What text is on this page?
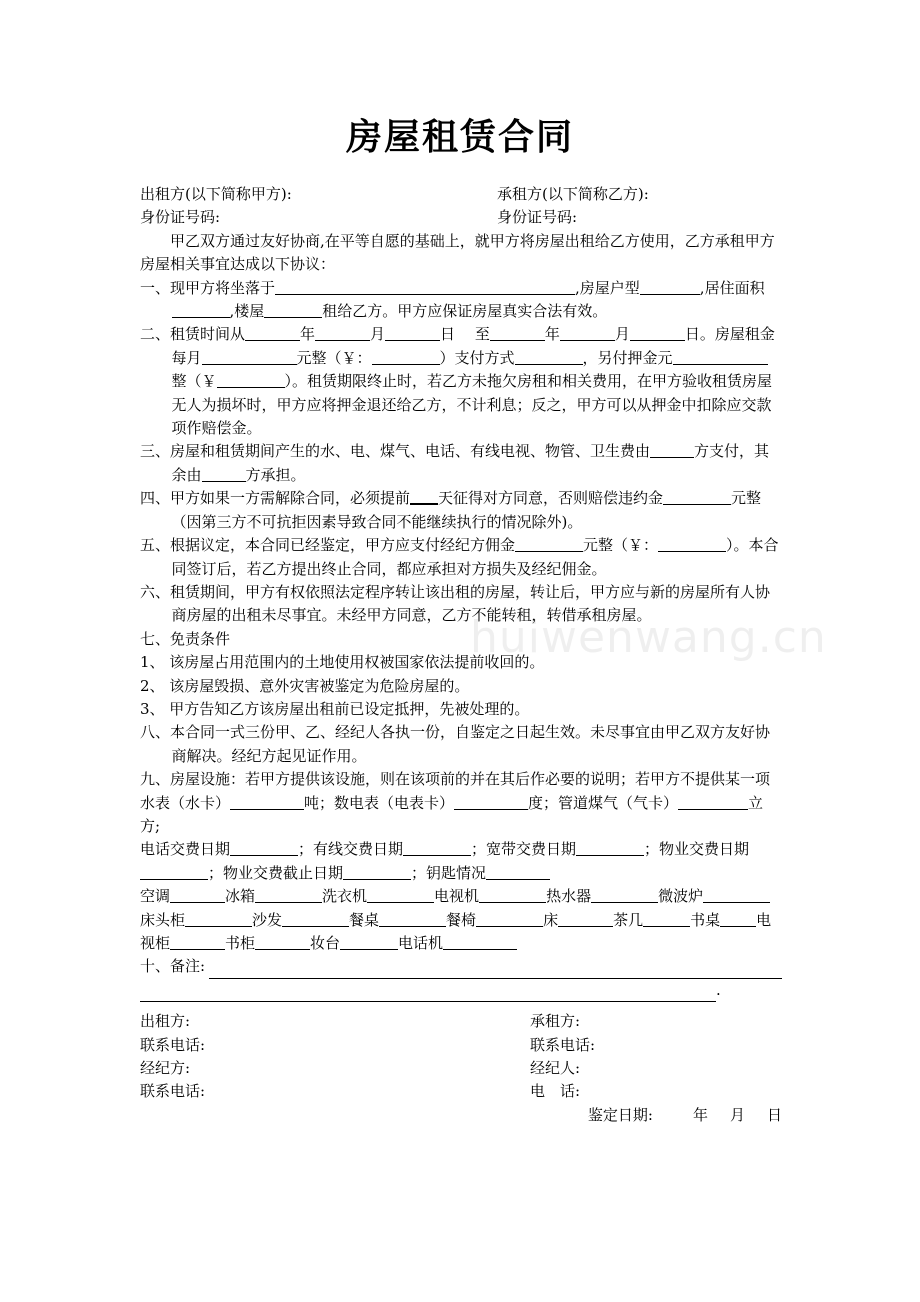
房屋租赁合同
huiwenwang.cn
出租方(以下简称甲方):	承租方(以下简称乙方):
身份证号码:	身份证号码:

甲乙双方通过友好协商,在平等自愿的基础上，就甲方将房屋出租给乙方使用，乙方承租甲方房屋相关事宜达成以下协议：

一、现甲方将坐落于	,房屋户型	,居住面积,楼屋	租给乙方。甲方应保证房屋真实合法有效。

二、租赁时间从	年	月	日　 至	年	月	日。房屋租金每月	元整（￥：	）支付方式	，另付押金元整（￥	）。租赁期限终止时，若乙方未拖欠房租和相关费用，在甲方验收租赁房屋无人为损坏时，甲方应将押金退还给乙方，不计利息；反之，甲方可以从押金中扣除应交款项作赔偿金。

三、房屋和租赁期间产生的水、电、煤气、电话、有线电视、物管、卫生费由	方支付，其余由	方承担。

四、甲方如果一方需解除合同，必须提前 天征得对方同意，否则赔偿违约金	元整（因第三方不可抗拒因素导致合同不能继续执行的情况除外)。

五、根据议定，本合同已经鉴定，甲方应支付经纪方佣金	元整（￥：	）。本合同签订后，若乙方提出终止合同，都应承担对方损失及经纪佣金。

六、租赁期间，甲方有权依照法定程序转让该出租的房屋，转让后，甲方应与新的房屋所有人协商房屋的出租未尽事宜。未经甲方同意，乙方不能转租，转借承租房屋。

七、免责条件

1、 该房屋占用范围内的土地使用权被国家依法提前收回的。

2、 该房屋毁损、意外灾害被鉴定为危险房屋的。

3、 甲方告知乙方该房屋出租前已设定抵押，先被处理的。

八、本合同一式三份甲、乙、经纪人各执一份，自鉴定之日起生效。未尽事宜由甲乙双方友好协商解决。经纪方起见证作用。

九、房屋设施：若甲方提供该设施，则在该项前的并在其后作必要的说明；若甲方不提供某一项

水表（水卡）	吨；数电表（电表卡）	度；管道煤气（气卡）	立方;

电话交费日期	；有线交费日期	；宽带交费日期	；物业交费日期；物业交费截止日期	；钥匙情况

空调	冰箱	洗衣机	电视机	热水器	微波炉床头柜	沙发	餐桌	餐椅	床	茶几	书桌 电视柜	书柜	妆台	电话机

十、备注:
.
出租方:	承租方:
联系电话:	联系电话:
经纪方:	经纪人:
联系电话:	电　话:
鉴定日期:	年 月 日
